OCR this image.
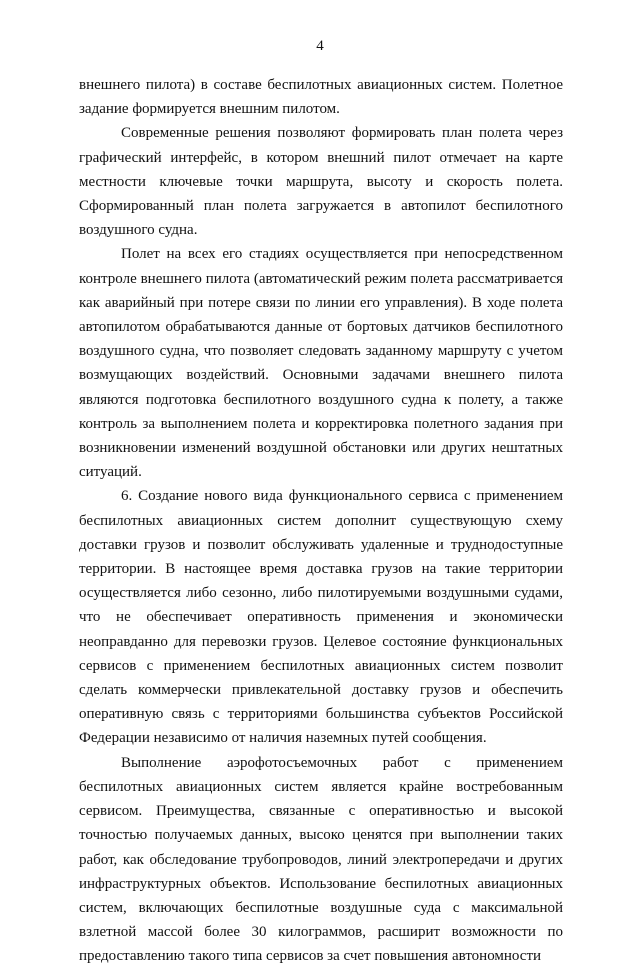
4

внешнего пилота) в составе беспилотных авиационных систем. Полетное задание формируется внешним пилотом.

Современные решения позволяют формировать план полета через графический интерфейс, в котором внешний пилот отмечает на карте местности ключевые точки маршрута, высоту и скорость полета. Сформированный план полета загружается в автопилот беспилотного воздушного судна.

Полет на всех его стадиях осуществляется при непосредственном контроле внешнего пилота (автоматический режим полета рассматривается как аварийный при потере связи по линии его управления). В ходе полета автопилотом обрабатываются данные от бортовых датчиков беспилотного воздушного судна, что позволяет следовать заданному маршруту с учетом возмущающих воздействий. Основными задачами внешнего пилота являются подготовка беспилотного воздушного судна к полету, а также контроль за выполнением полета и корректировка полетного задания при возникновении изменений воздушной обстановки или других нештатных ситуаций.

6. Создание нового вида функционального сервиса с применением беспилотных авиационных систем дополнит существующую схему доставки грузов и позволит обслуживать удаленные и труднодоступные территории. В настоящее время доставка грузов на такие территории осуществляется либо сезонно, либо пилотируемыми воздушными судами, что не обеспечивает оперативность применения и экономически неоправданно для перевозки грузов. Целевое состояние функциональных сервисов с применением беспилотных авиационных систем позволит сделать коммерчески привлекательной доставку грузов и обеспечить оперативную связь с территориями большинства субъектов Российской Федерации независимо от наличия наземных путей сообщения.

Выполнение аэрофотосъемочных работ с применением беспилотных авиационных систем является крайне востребованным сервисом. Преимущества, связанные с оперативностью и высокой точностью получаемых данных, высоко ценятся при выполнении таких работ, как обследование трубопроводов, линий электропередачи и других инфраструктурных объектов. Использование беспилотных авиационных систем, включающих беспилотные воздушные суда с максимальной взлетной массой более 30 килограммов, расширит возможности по предоставлению такого типа сервисов за счет повышения автономности
